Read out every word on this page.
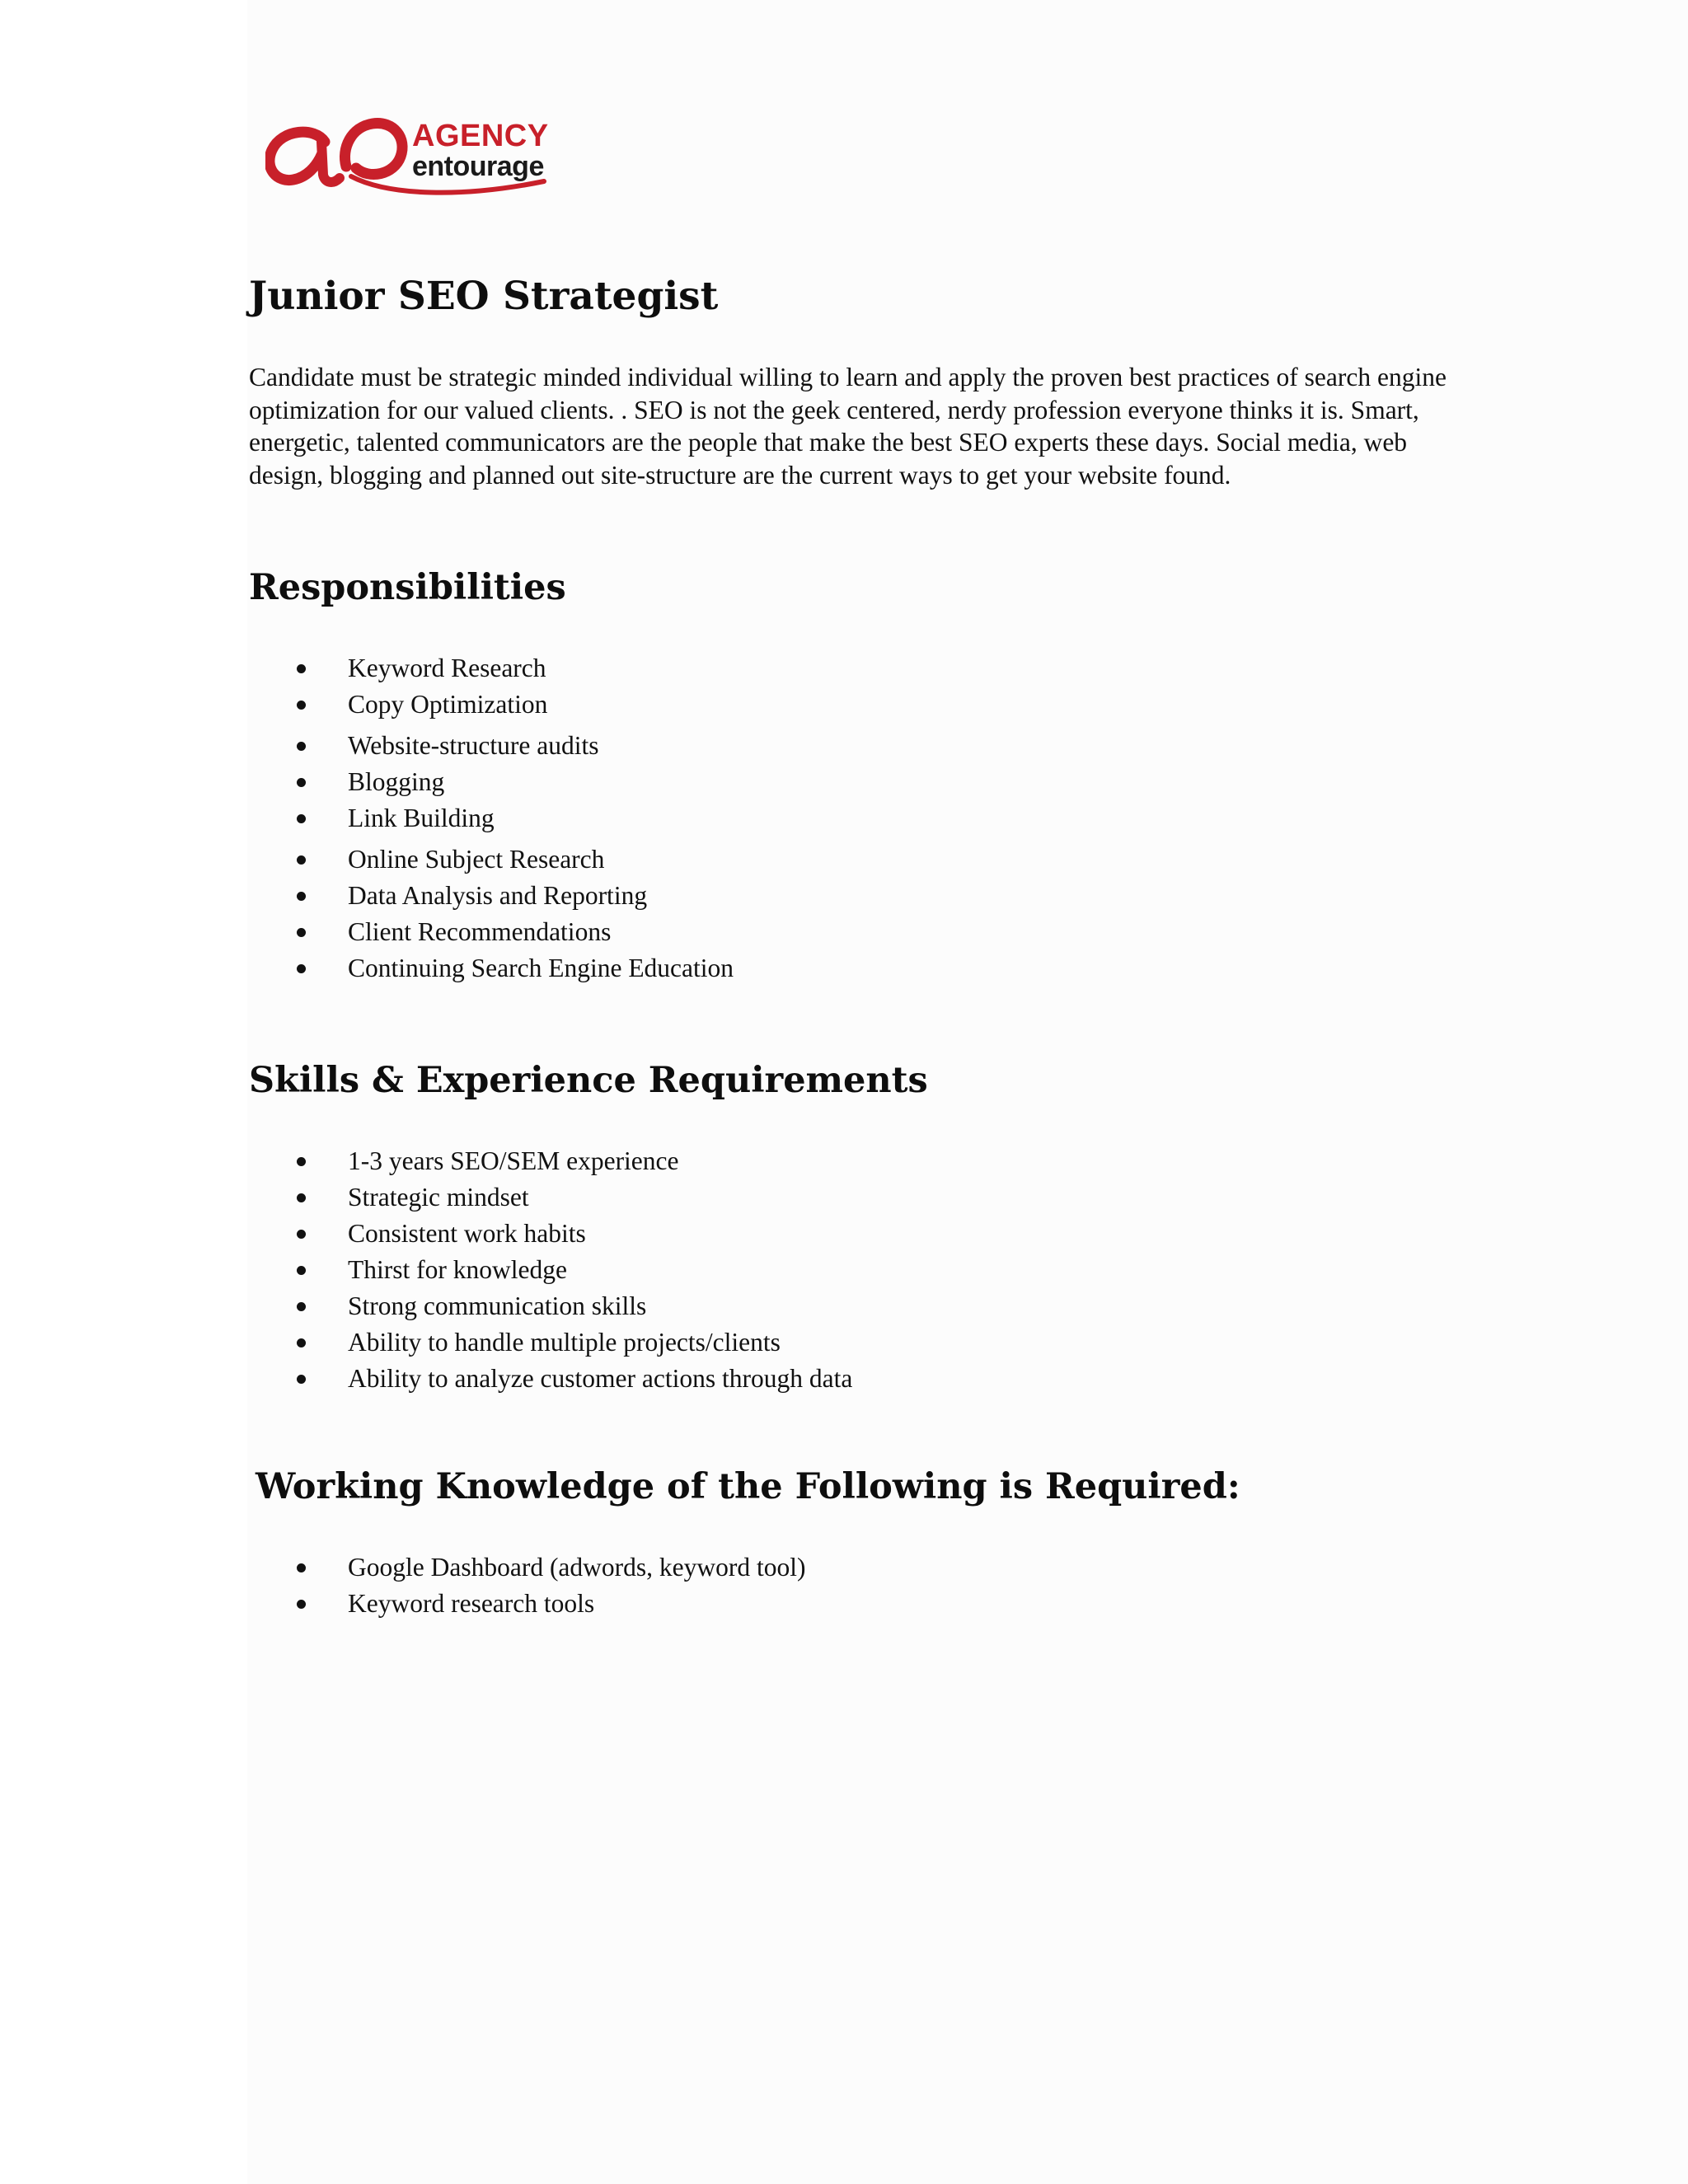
AGENCY
entourage
Junior SEO Strategist

Candidate must be strategic minded individual willing to learn and apply the proven best practices of search engine optimization for our valued clients. . SEO is not the geek centered, nerdy profession everyone thinks it is. Smart, energetic, talented communicators are the people that make the best SEO experts these days. Social media, web design, blogging and planned out site-structure are the current ways to get your website found.

Responsibilities
Keyword Research
Copy Optimization
Website-structure audits
Blogging
Link Building
Online Subject Research
Data Analysis and Reporting
Client Recommendations
Continuing Search Engine Education
Skills & Experience Requirements
1-3 years SEO/SEM experience
Strategic mindset
Consistent work habits
Thirst for knowledge
Strong communication skills
Ability to handle multiple projects/clients
Ability to analyze customer actions through data
Working Knowledge of the Following is Required:
Google Dashboard (adwords, keyword tool)
Keyword research tools
